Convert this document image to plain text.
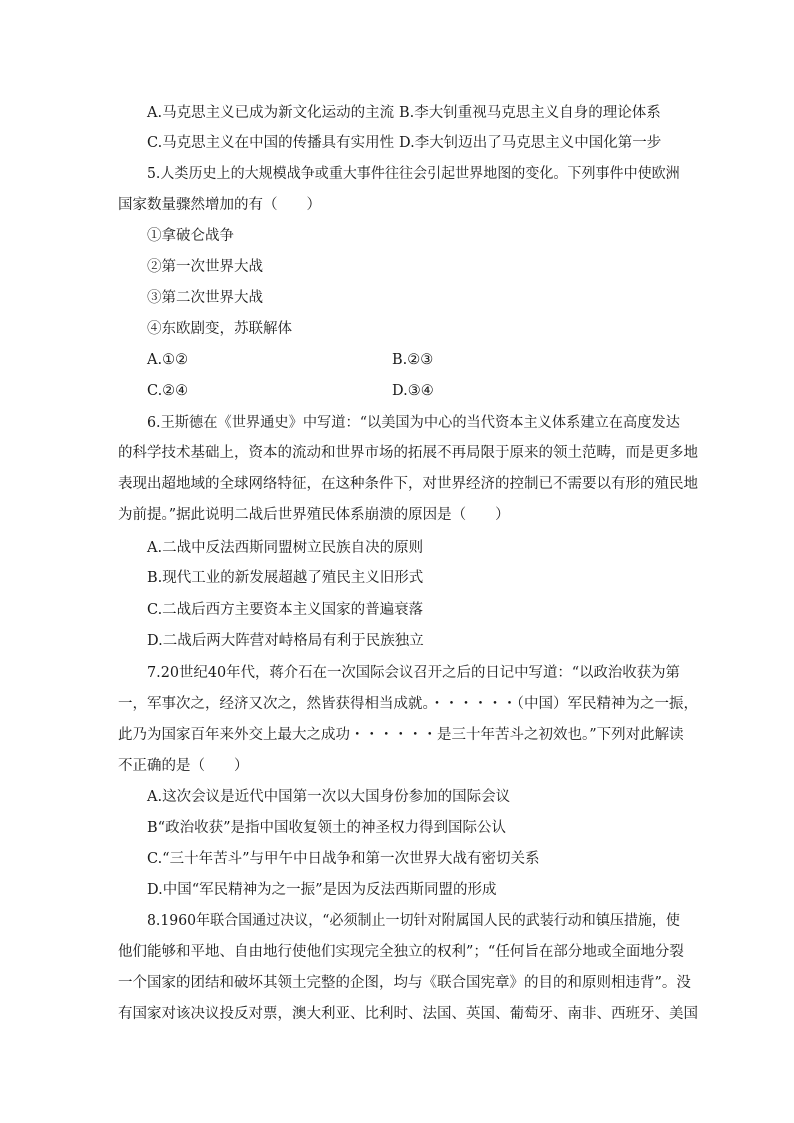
A.马克思主义已成为新文化运动的主流 B.李大钊重视马克思主义自身的理论体系
C.马克思主义在中国的传播具有实用性 D.李大钊迈出了马克思主义中国化第一步
5.人类历史上的大规模战争或重大事件往往会引起世界地图的变化。下列事件中使欧洲
国家数量骤然增加的有（　　）
①拿破仑战争
②第一次世界大战
③第二次世界大战
④东欧剧变，苏联解体
A.①②	B.②③
C.②④	D.③④
6.王斯德在《世界通史》中写道：“以美国为中心的当代资本主义体系建立在高度发达
的科学技术基础上，资本的流动和世界市场的拓展不再局限于原来的领土范畴，而是更多地
表现出超地域的全球网络特征，在这种条件下，对世界经济的控制已不需要以有形的殖民地
为前提。”据此说明二战后世界殖民体系崩溃的原因是（　　）
A.二战中反法西斯同盟树立民族自决的原则
B.现代工业的新发展超越了殖民主义旧形式
C.二战后西方主要资本主义国家的普遍衰落
D.二战后两大阵营对峙格局有利于民族独立
7.20世纪40年代，蒋介石在一次国际会议召开之后的日记中写道：“以政治收获为第
一，军事次之，经济又次之，然皆获得相当成就。・・・・・・（中国）军民精神为之一振，
此乃为国家百年来外交上最大之成功・・・・・・是三十年苦斗之初效也。”下列对此解读
不正确的是（　　）
A.这次会议是近代中国第一次以大国身份参加的国际会议
B“政治收获”是指中国收复领土的神圣权力得到国际公认
C.“三十年苦斗”与甲午中日战争和第一次世界大战有密切关系
D.中国“军民精神为之一振”是因为反法西斯同盟的形成
8.1960年联合国通过决议，“必须制止一切针对附属国人民的武装行动和镇压措施，使
他们能够和平地、自由地行使他们实现完全独立的权利”；“任何旨在部分地或全面地分裂
一个国家的团结和破坏其领土完整的企图，均与《联合国宪章》的目的和原则相违背”。没
有国家对该决议投反对票，澳大利亚、比利时、法国、英国、葡萄牙、南非、西班牙、美国
